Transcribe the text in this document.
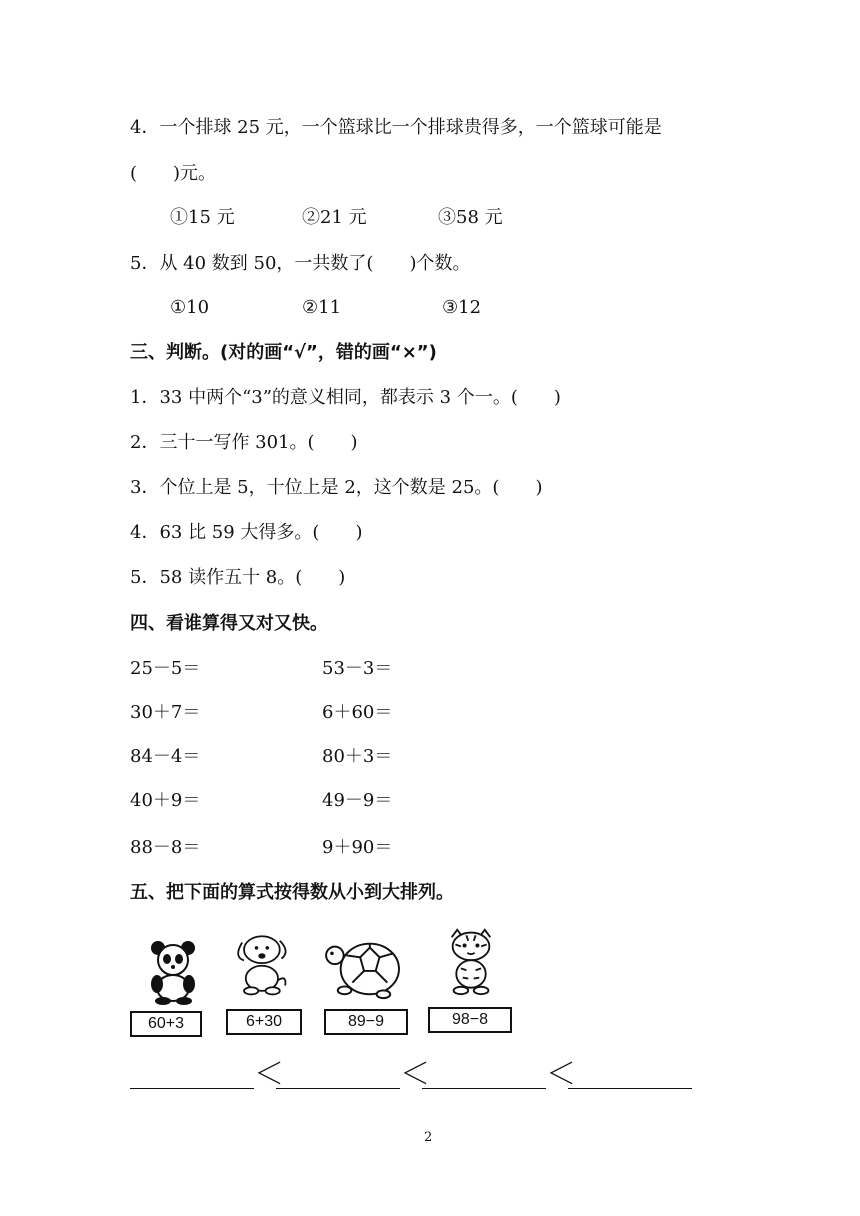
4．一个排球 25 元，一个篮球比一个排球贵得多，一个篮球可能是
(　　)元。
①15 元	②21 元	③58 元
5．从 40 数到 50，一共数了(　　)个数。
①10	②11	③12
三、判断。(对的画“√”，错的画“×”)
1．33 中两个“3”的意义相同，都表示 3 个一。(　　)
2．三十一写作 301。(　　)
3．个位上是 5，十位上是 2，这个数是 25。(　　)
4．63 比 59 大得多。(　　)
5．58 读作五十 8。(　　)
四、看谁算得又对又快。
25－5＝	53－3＝
30＋7＝	6＋60＝
84－4＝	80＋3＝
40＋9＝	49－9＝
88－8＝	9＋90＝
五、把下面的算式按得数从小到大排列。
60+3	6+30	89−9	98−8
＜	＜	＜
2
